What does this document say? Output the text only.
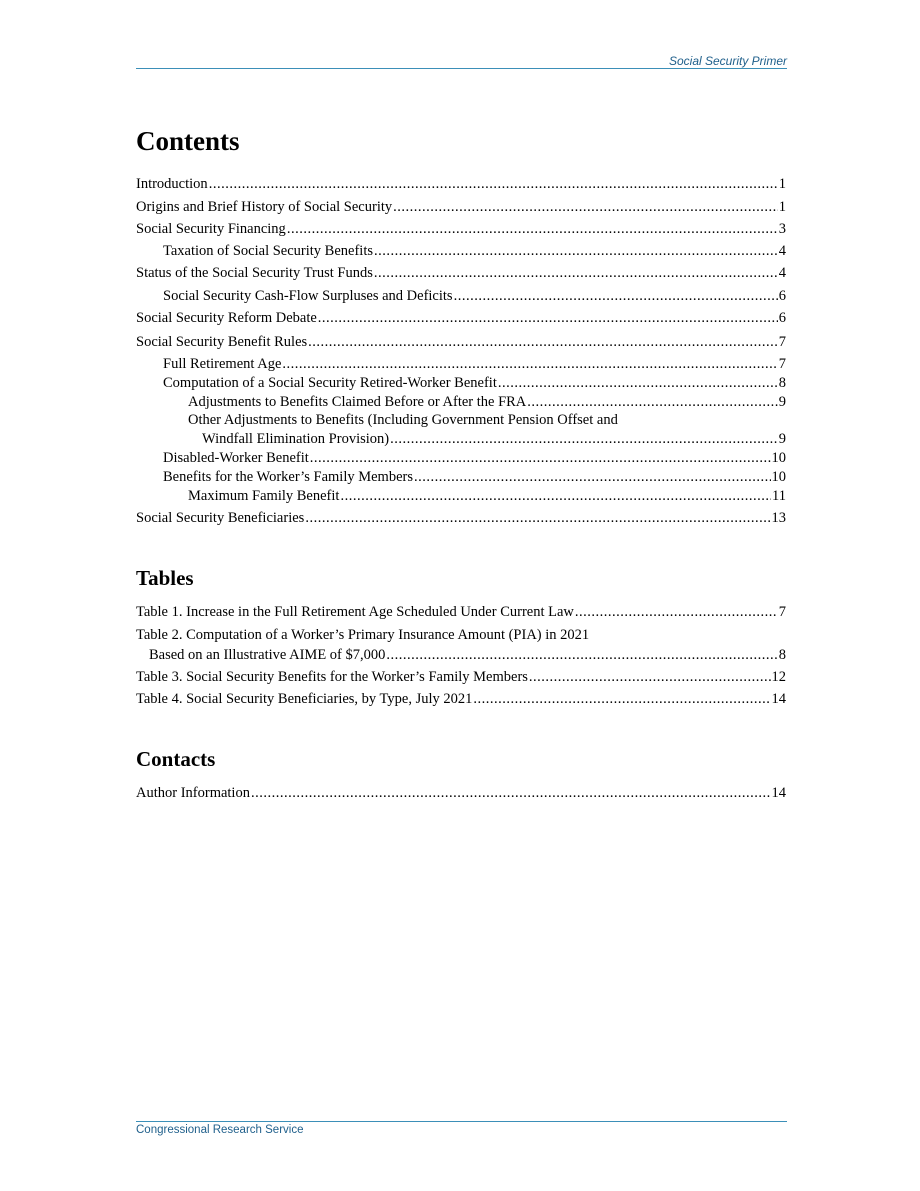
Social Security Primer
Contents
Introduction .....	1
Origins and Brief History of Social Security .....	1
Social Security Financing .....	3
Taxation of Social Security Benefits .....	4
Status of the Social Security Trust Funds .....	4
Social Security Cash-Flow Surpluses and Deficits .....	6
Social Security Reform Debate .....	6
Social Security Benefit Rules .....	7
Full Retirement Age .....	7
Computation of a Social Security Retired-Worker Benefit .....	8
Adjustments to Benefits Claimed Before or After the FRA .....	9
Other Adjustments to Benefits (Including Government Pension Offset and
Windfall Elimination Provision) .....	9
Disabled-Worker Benefit .....	10
Benefits for the Worker’s Family Members .....	10
Maximum Family Benefit .....	11
Social Security Beneficiaries .....	13
Tables
Table 1. Increase in the Full Retirement Age Scheduled Under Current Law .....	7
Table 2. Computation of a Worker’s Primary Insurance Amount (PIA) in 2021
Based on an Illustrative AIME of $7,000 .....	8
Table 3. Social Security Benefits for the Worker’s Family Members .....	12
Table 4. Social Security Beneficiaries, by Type, July 2021 .....	14
Contacts
Author Information .....	14
Congressional Research Service
